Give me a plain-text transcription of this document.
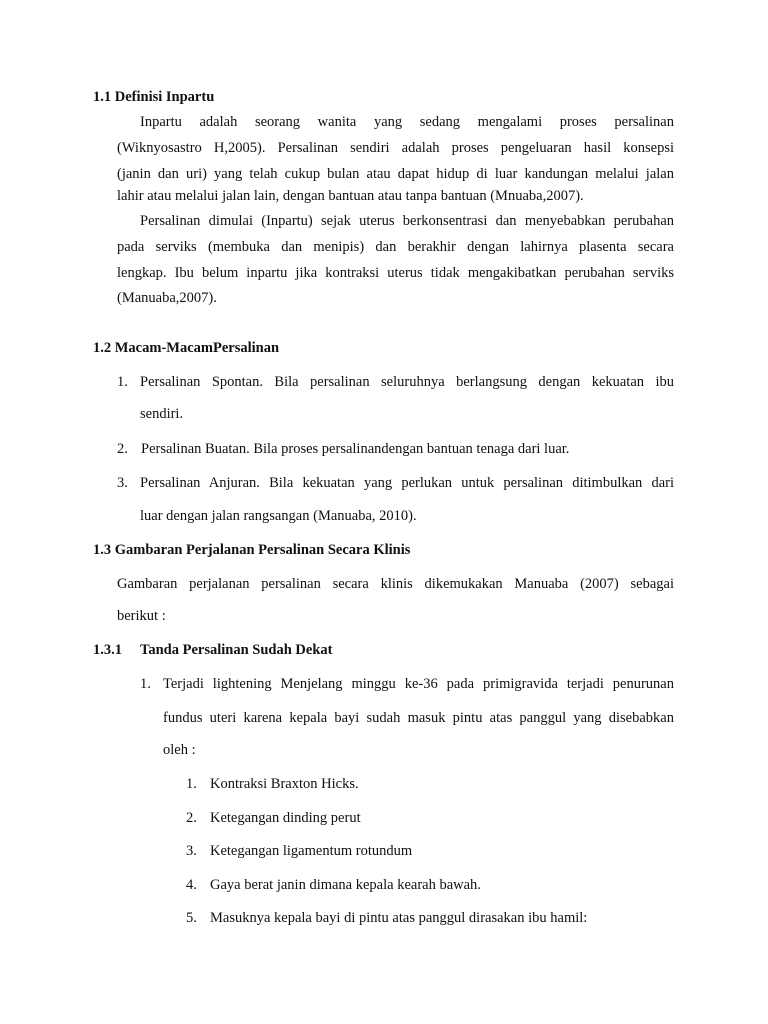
1.1 Definisi Inpartu
Inpartu adalah seorang wanita yang sedang mengalami proses persalinan
(Wiknyosastro H,2005). Persalinan sendiri adalah proses pengeluaran hasil konsepsi
(janin dan uri) yang telah cukup bulan atau dapat hidup di luar kandungan melalui jalan
lahir atau melalui jalan lain, dengan bantuan atau tanpa bantuan (Mnuaba,2007).
Persalinan dimulai (Inpartu) sejak uterus berkonsentrasi dan menyebabkan perubahan
pada serviks (membuka dan menipis) dan berakhir dengan lahirnya plasenta secara
lengkap. Ibu belum inpartu jika kontraksi uterus tidak mengakibatkan perubahan serviks
(Manuaba,2007).
1.2 Macam-MacamPersalinan
1. Persalinan Spontan. Bila persalinan seluruhnya berlangsung dengan kekuatan ibu
sendiri.
2. Persalinan Buatan. Bila proses persalinandengan bantuan tenaga dari luar.
3. Persalinan Anjuran. Bila kekuatan yang perlukan untuk persalinan ditimbulkan dari
luar dengan jalan rangsangan (Manuaba, 2010).
1.3 Gambaran Perjalanan Persalinan Secara Klinis
Gambaran perjalanan persalinan secara klinis dikemukakan Manuaba (2007) sebagai
berikut :
1.3.1 Tanda Persalinan Sudah Dekat
1. Terjadi lightening Menjelang minggu ke-36 pada primigravida terjadi penurunan
fundus uteri karena kepala bayi sudah masuk pintu atas panggul yang disebabkan
oleh :
1. Kontraksi Braxton Hicks.
2. Ketegangan dinding perut
3. Ketegangan ligamentum rotundum
4. Gaya berat janin dimana kepala kearah bawah.
5. Masuknya kepala bayi di pintu atas panggul dirasakan ibu hamil:
